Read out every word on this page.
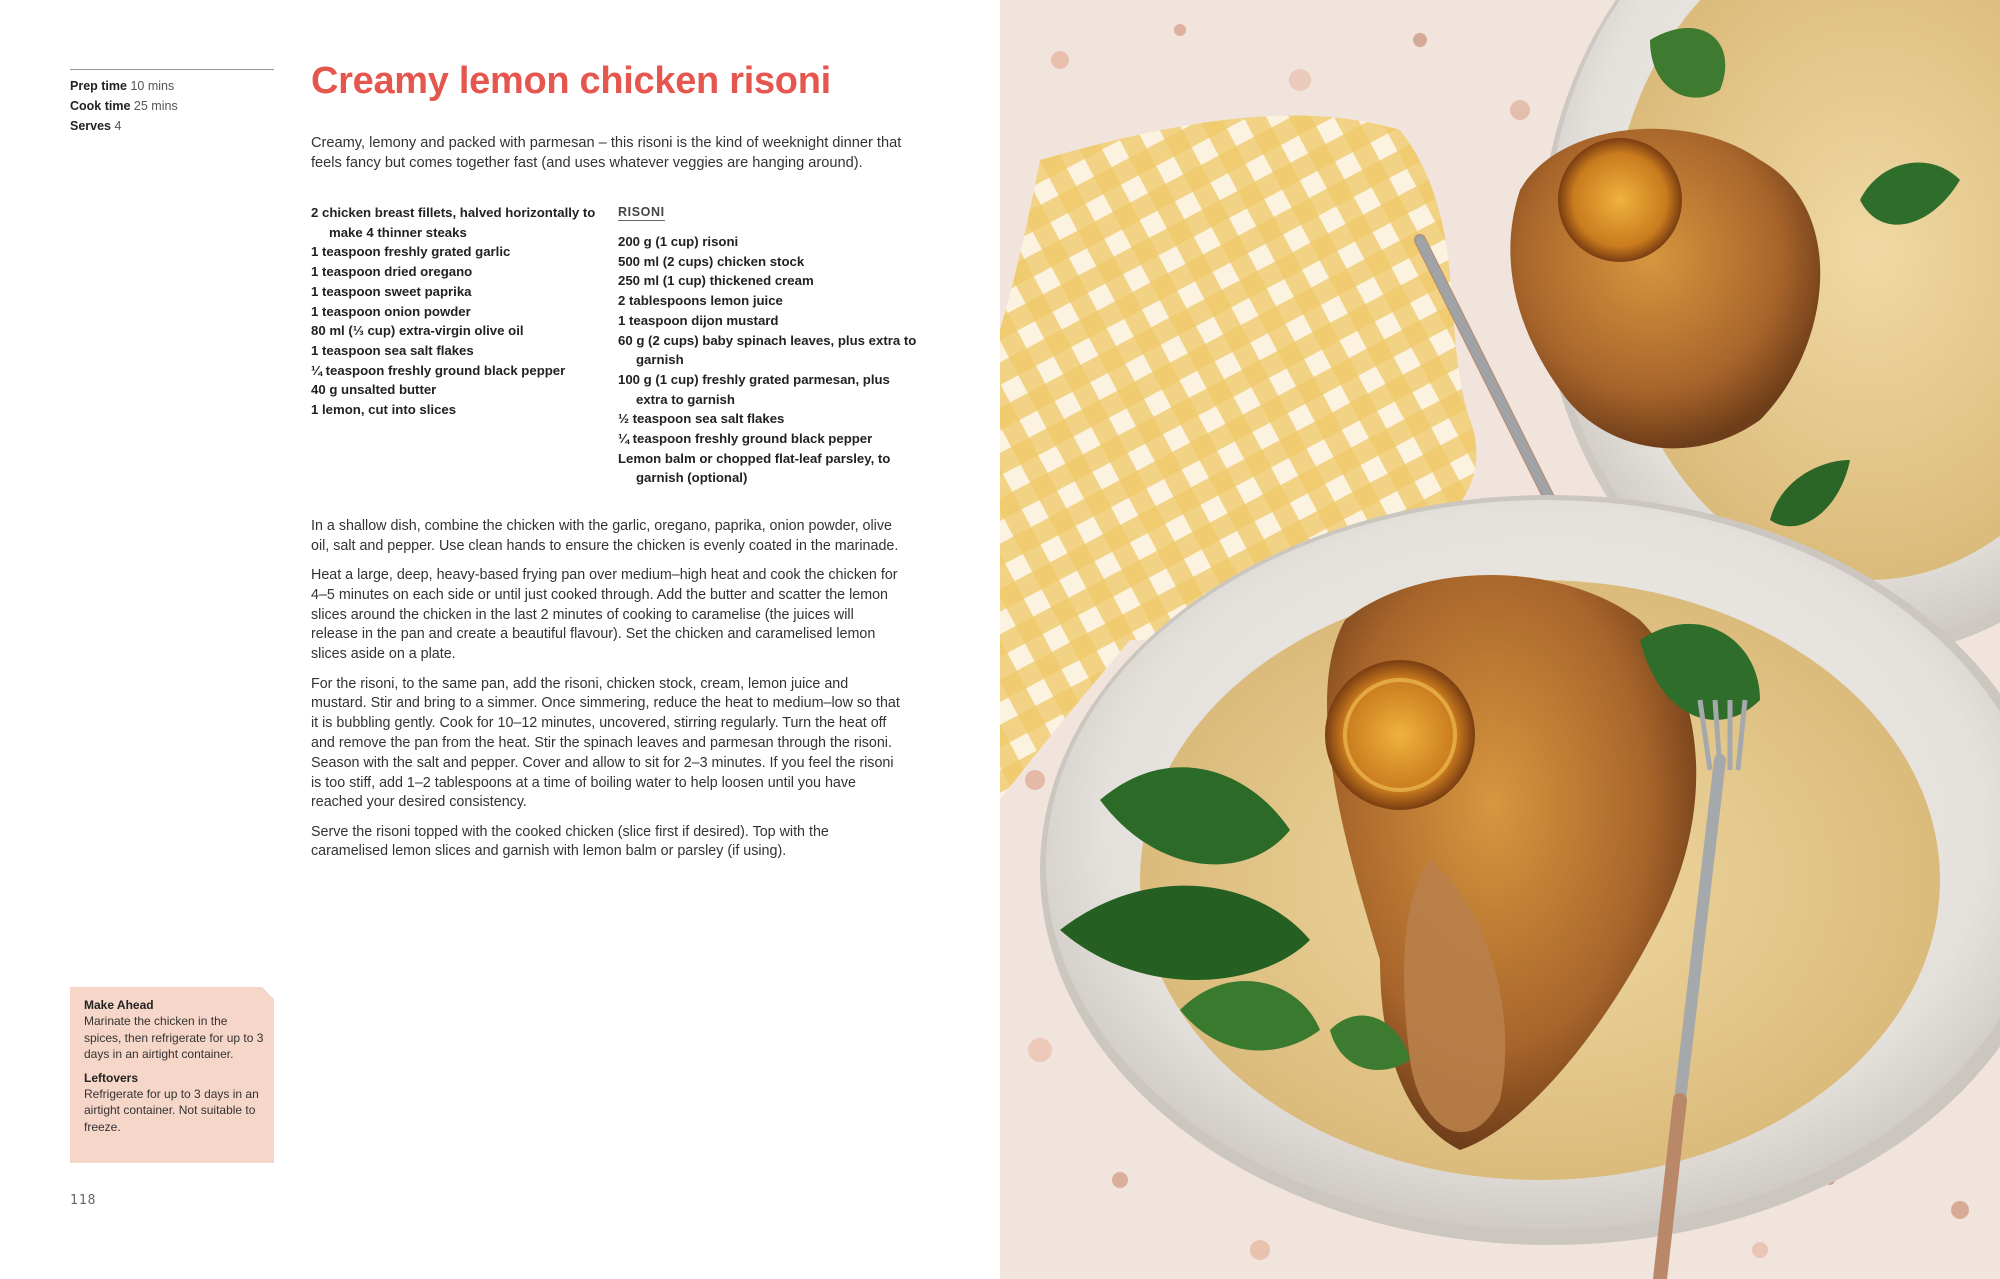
Prep time 10 mins
Cook time 25 mins
Serves 4
Creamy lemon chicken risoni
Creamy, lemony and packed with parmesan – this risoni is the kind of weeknight dinner that feels fancy but comes together fast (and uses whatever veggies are hanging around).
2 chicken breast fillets, halved horizontally to make 4 thinner steaks
1 teaspoon freshly grated garlic
1 teaspoon dried oregano
1 teaspoon sweet paprika
1 teaspoon onion powder
80 ml (⅓ cup) extra-virgin olive oil
1 teaspoon sea salt flakes
¼ teaspoon freshly ground black pepper
40 g unsalted butter
1 lemon, cut into slices
RISONI
200 g (1 cup) risoni
500 ml (2 cups) chicken stock
250 ml (1 cup) thickened cream
2 tablespoons lemon juice
1 teaspoon dijon mustard
60 g (2 cups) baby spinach leaves, plus extra to garnish
100 g (1 cup) freshly grated parmesan, plus extra to garnish
½ teaspoon sea salt flakes
¼ teaspoon freshly ground black pepper
Lemon balm or chopped flat-leaf parsley, to garnish (optional)

In a shallow dish, combine the chicken with the garlic, oregano, paprika, onion powder, olive oil, salt and pepper. Use clean hands to ensure the chicken is evenly coated in the marinade.

Heat a large, deep, heavy-based frying pan over medium–high heat and cook the chicken for 4–5 minutes on each side or until just cooked through. Add the butter and scatter the lemon slices around the chicken in the last 2 minutes of cooking to caramelise (the juices will release in the pan and create a beautiful flavour). Set the chicken and caramelised lemon slices aside on a plate.

For the risoni, to the same pan, add the risoni, chicken stock, cream, lemon juice and mustard. Stir and bring to a simmer. Once simmering, reduce the heat to medium–low so that it is bubbling gently. Cook for 10–12 minutes, uncovered, stirring regularly. Turn the heat off and remove the pan from the heat. Stir the spinach leaves and parmesan through the risoni. Season with the salt and pepper. Cover and allow to sit for 2–3 minutes. If you feel the risoni is too stiff, add 1–2 tablespoons at a time of boiling water to help loosen until you have reached your desired consistency.

Serve the risoni topped with the cooked chicken (slice first if desired). Top with the caramelised lemon slices and garnish with lemon balm or parsley (if using).

Make Ahead
Marinate the chicken in the spices, then refrigerate for up to 3 days in an airtight container.
Leftovers
Refrigerate for up to 3 days in an airtight container. Not suitable to freeze.
118
